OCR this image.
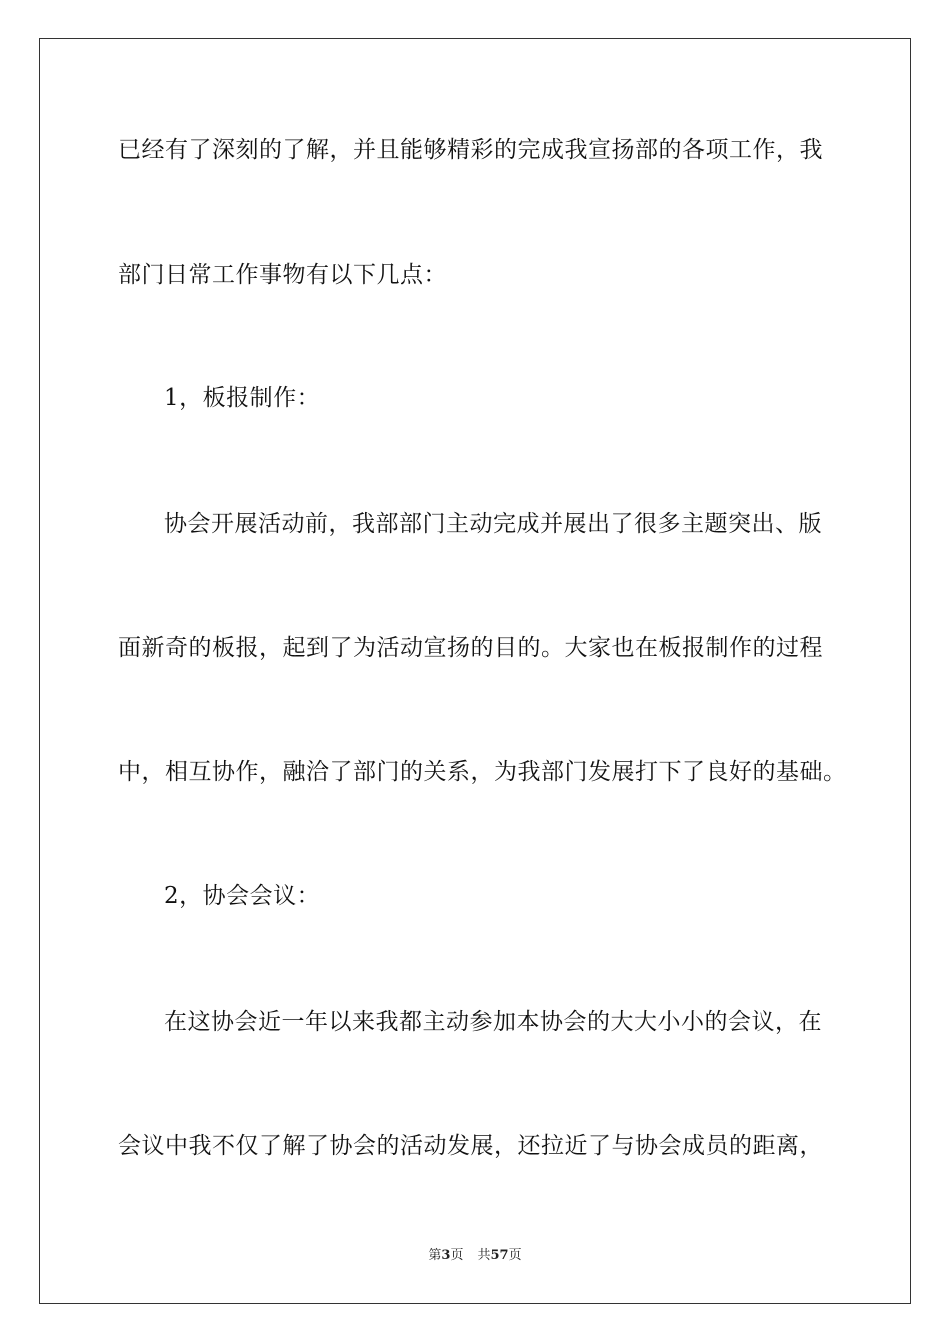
已经有了深刻的了解，并且能够精彩的完成我宣扬部的各项工作，我
部门日常工作事物有以下几点：
1，板报制作：
协会开展活动前，我部部门主动完成并展出了很多主题突出、版
面新奇的板报，起到了为活动宣扬的目的。大家也在板报制作的过程
中，相互协作，融洽了部门的关系，为我部门发展打下了良好的基础。
2，协会会议：
在这协会近一年以来我都主动参加本协会的大大小小的会议，在
会议中我不仅了解了协会的活动发展，还拉近了与协会成员的距离，
第3页 共57页
